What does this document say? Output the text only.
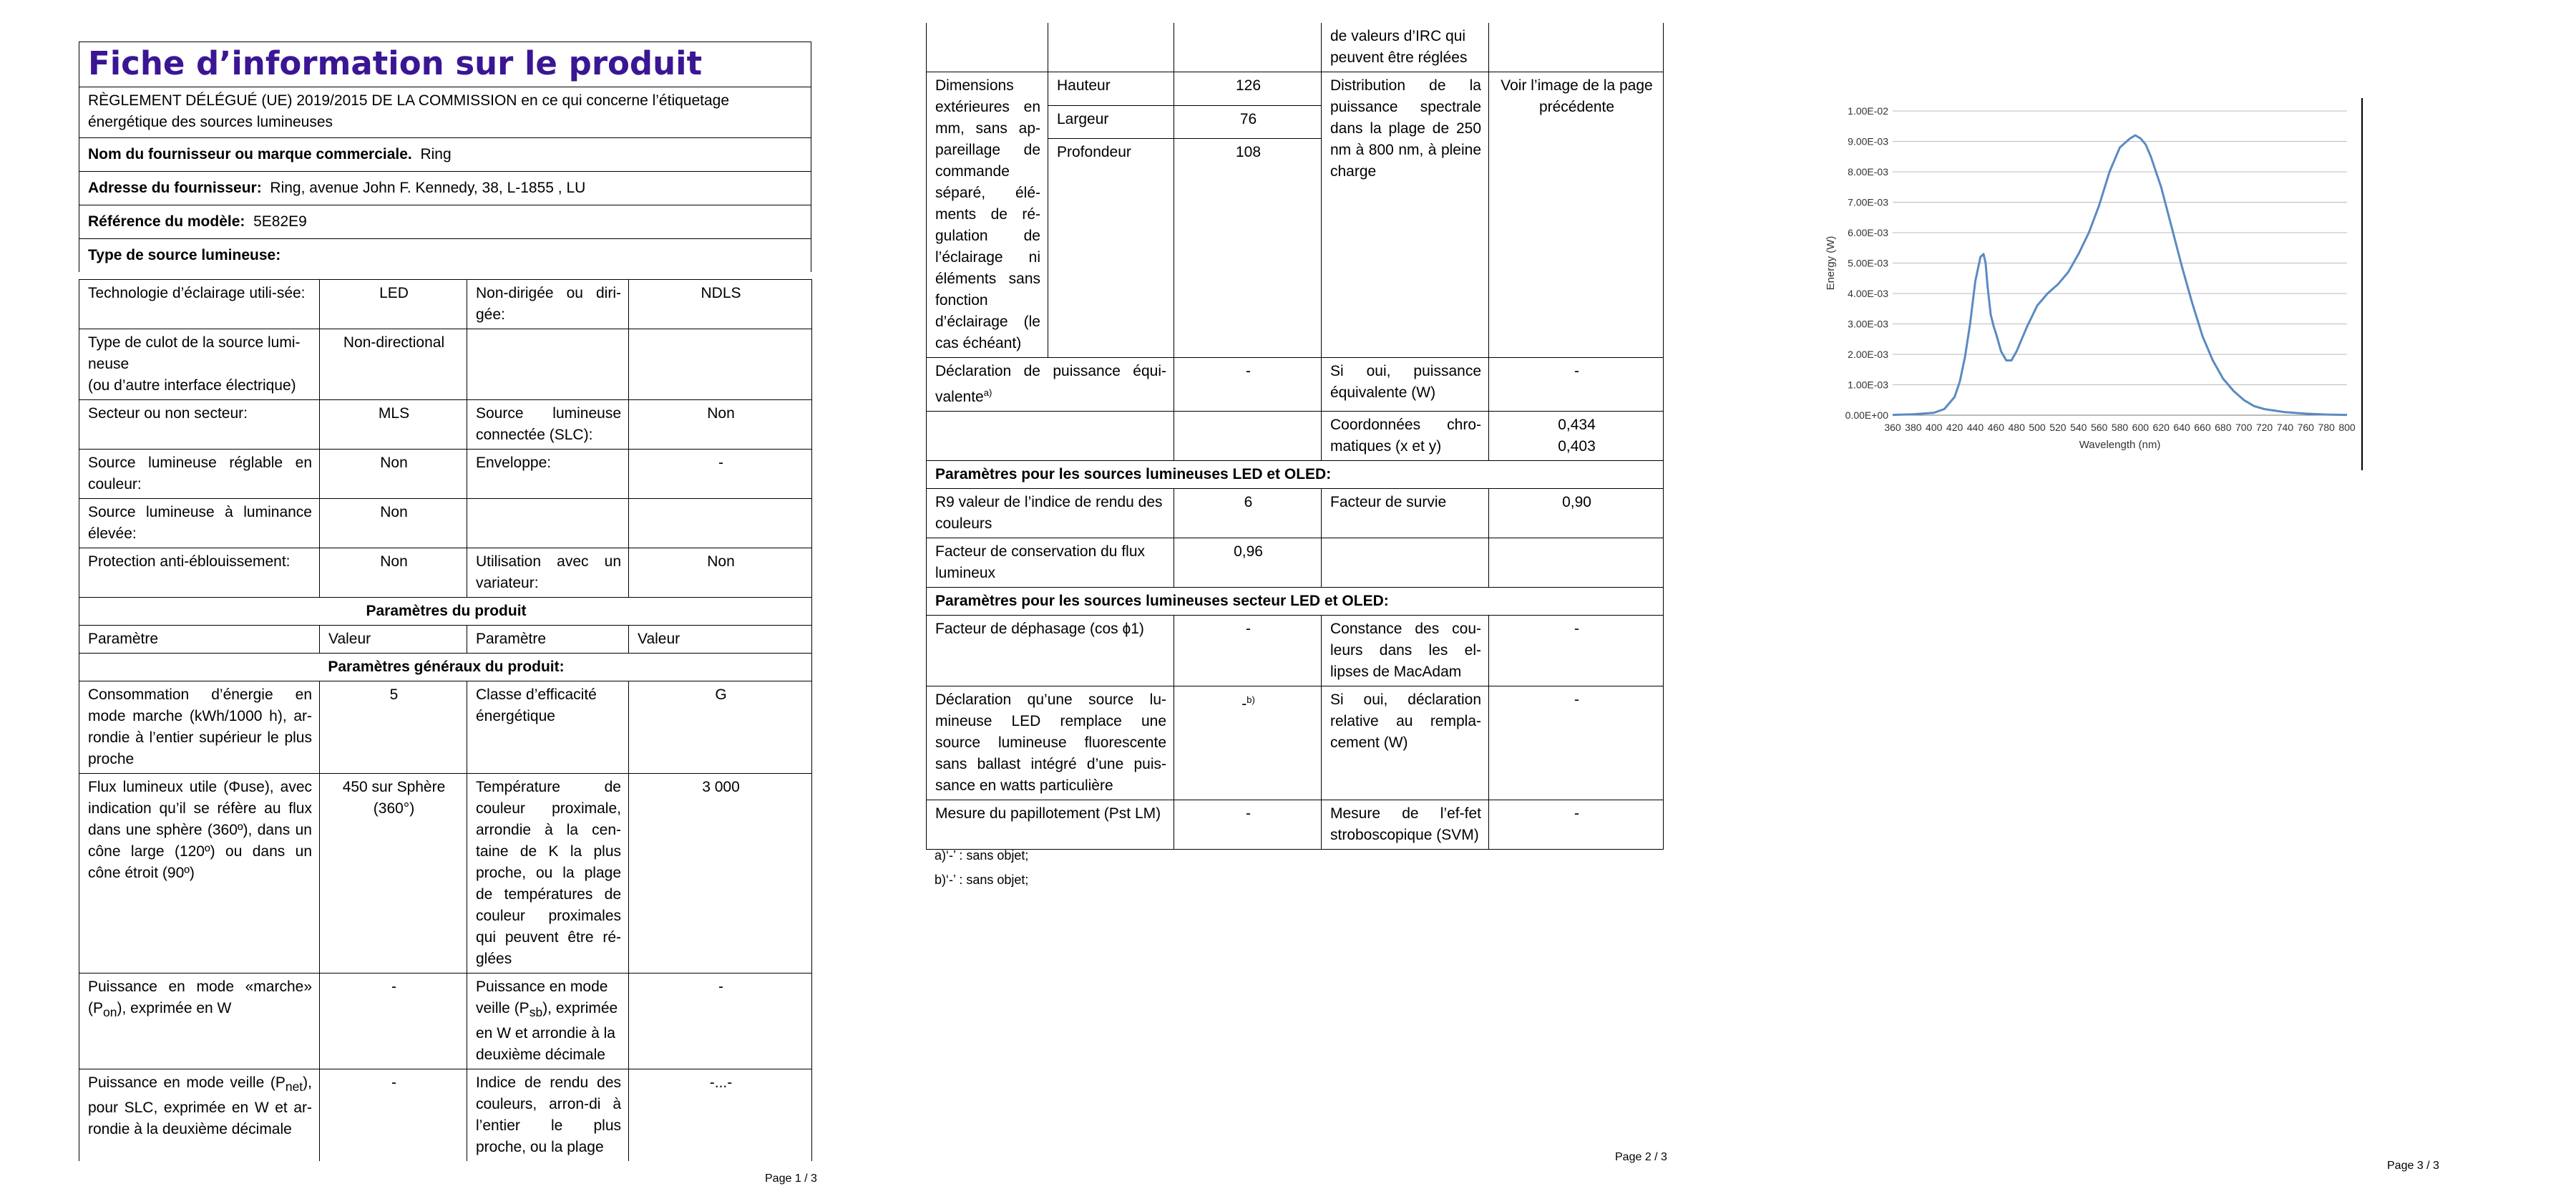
Fiche d’information sur le produit
RÈGLEMENT DÉLÉGUÉ (UE) 2019/2015 DE LA COMMISSION en ce qui concerne l’étiquetage énergétique des sources lumineuses
Nom du fournisseur ou marque commerciale. Ring
Adresse du fournisseur: Ring, avenue John F. Kennedy, 38, L-1855 , LU
Référence du modèle: 5E82E9
Type de source lumineuse:
Technologie d’éclairage utili-sée:	LED	Non-dirigée ou diri-gée:	NDLS

Type de culot de la source lumi-neuse
(ou d’autre interface électrique)	Non-directional		
Secteur ou non secteur:	MLS	Source lumineuse connectée (SLC):	Non
Source lumineuse réglable en couleur:	Non	Enveloppe:	-
Source lumineuse à luminance élevée:	Non		
Protection anti-éblouissement:	Non	Utilisation avec un variateur:	Non
Paramètres du produit			
Paramètre	Valeur	Paramètre	Valeur
Paramètres généraux du produit:			
Consommation d’énergie en mode marche (kWh/1000 h), ar-rondie à l’entier supérieur le plus proche	5	Classe d’efficacité énergétique	G
Flux lumineux utile (Φuse), avec indication qu’il se réfère au flux dans une sphère (360º), dans un cône large (120º) ou dans un cône étroit (90º)	450 sur Sphère (360°)	Température de couleur proximale, arrondie à la cen-taine de K la plus proche, ou la plage de températures de couleur proximales qui peuvent être ré-glées	3 000
Puissance en mode «marche» $(P_{on})$, exprimée en W	-	Puissance en mode veille $(P_{sb})$, exprimée en W et arrondie à la deuxième décimale	-
Puissance en mode veille $(P_{net})$, pour SLC, exprimée en W et ar-rondie à la deuxième décimale	-	Indice de rendu des couleurs, arron-di à l’entier le plus proche, ou la plage	-...-
Page 1 / 3
Page 2 / 3
			de valeurs d’IRC qui peuvent être réglées	
Dimensions extérieures en mm, sans ap-pareillage de commande séparé, élé-ments de ré-gulation de l’éclairage ni éléments sans fonction d’éclairage (le cas échéant)	Hauteur	126	Distribution de la puissance spectrale dans la plage de 250 nm à 800 nm, à pleine charge	Voir l’image de la page précédente
	Largeur	76		
	Profondeur	108		

Déclaration de puissance équi-valente$^{a)}$		-	Si oui, puissance équivalente (W)	-
			Coordonnées chro-matiques (x et y)	0,434
0,403

Paramètres pour les sources lumineuses LED et OLED:				
R9 valeur de l’indice de rendu des couleurs		6	Facteur de survie	0,90
Facteur de conservation du flux lumineux		0,96		
Paramètres pour les sources lumineuses secteur LED et OLED:				
Facteur de déphasage (cos ϕ1)		-	Constance des cou-leurs dans les el-lipses de MacAdam	-
Déclaration qu’une source lu-mineuse LED remplace une source lumineuse fluorescente sans ballast intégré d’une puis-sance en watts particulière		-$^{b)}$	Si oui, déclaration relative au rempla-cement (W)	-
Mesure du papillotement (Pst LM)		-	Mesure de l’ef-fet stroboscopique (SVM)	-
a)‘-’ : sans objet;
b)‘-’ : sans objet;
Page 3 / 3
0.00E+00
1.00E-03
2.00E-03
3.00E-03
4.00E-03
5.00E-03
6.00E-03
7.00E-03
8.00E-03
9.00E-03
1.00E-02
360 380 400 420 440 460 480 500 520 540 560 580 600 620 640 660 680 700 720 740 760 780 800
Wavelength (nm)
Energy (W)
